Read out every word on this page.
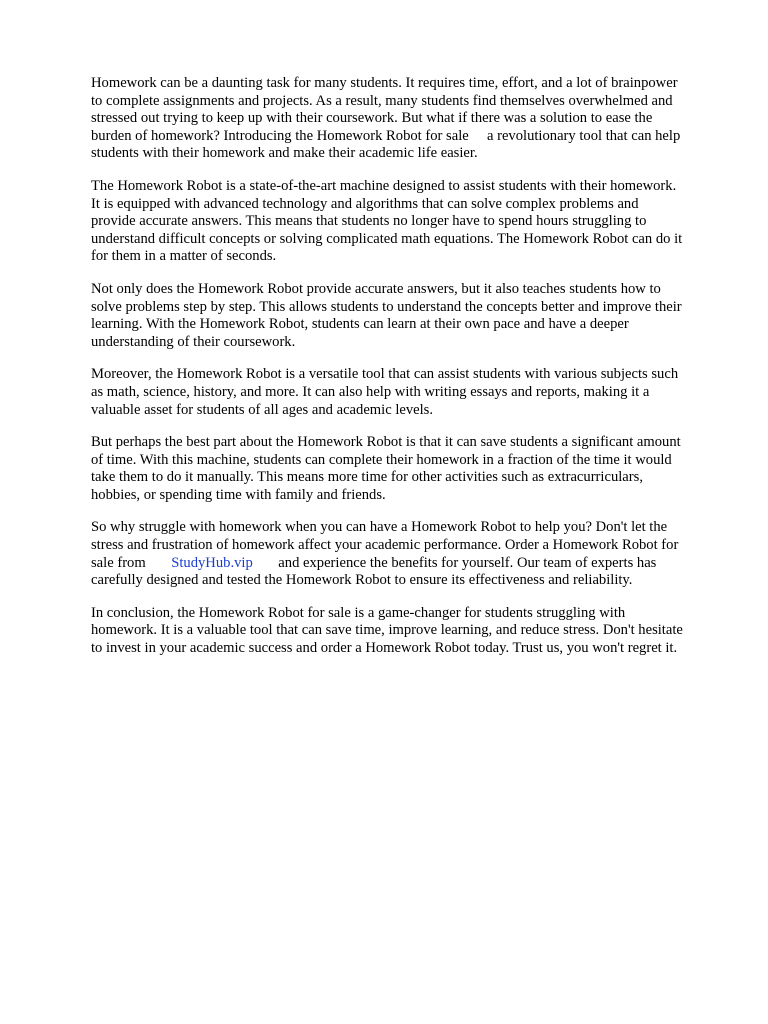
Homework can be a daunting task for many students. It requires time, effort, and a lot of brainpower
to complete assignments and projects. As a result, many students find themselves overwhelmed and
stressed out trying to keep up with their coursework. But what if there was a solution to ease the
burden of homework? Introducing the Homework Robot for sale     a revolutionary tool that can help
students with their homework and make their academic life easier.

The Homework Robot is a state-of-the-art machine designed to assist students with their homework.
It is equipped with advanced technology and algorithms that can solve complex problems and
provide accurate answers. This means that students no longer have to spend hours struggling to
understand difficult concepts or solving complicated math equations. The Homework Robot can do it
for them in a matter of seconds.

Not only does the Homework Robot provide accurate answers, but it also teaches students how to
solve problems step by step. This allows students to understand the concepts better and improve their
learning. With the Homework Robot, students can learn at their own pace and have a deeper
understanding of their coursework.

Moreover, the Homework Robot is a versatile tool that can assist students with various subjects such
as math, science, history, and more. It can also help with writing essays and reports, making it a
valuable asset for students of all ages and academic levels.

But perhaps the best part about the Homework Robot is that it can save students a significant amount
of time. With this machine, students can complete their homework in a fraction of the time it would
take them to do it manually. This means more time for other activities such as extracurriculars,
hobbies, or spending time with family and friends.

So why struggle with homework when you can have a Homework Robot to help you? Don't let the
stress and frustration of homework affect your academic performance. Order a Homework Robot for
sale from       StudyHub.vip       and experience the benefits for yourself. Our team of experts has
carefully designed and tested the Homework Robot to ensure its effectiveness and reliability.

In conclusion, the Homework Robot for sale is a game-changer for students struggling with
homework. It is a valuable tool that can save time, improve learning, and reduce stress. Don't hesitate
to invest in your academic success and order a Homework Robot today. Trust us, you won't regret it.
